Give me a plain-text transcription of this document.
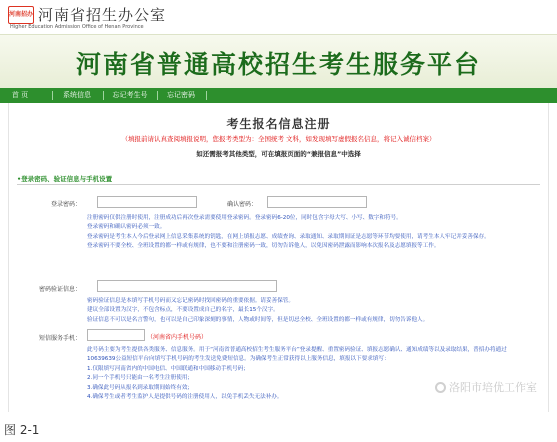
河南招办 河南省招生办公室
Higher Education Admission Office of Henan Province
河南省普通高校招生考生服务平台
首 页	系统信息	忘记考生号	忘记密码
考生报名信息注册
（填报前请认真查阅填报说明，您报考类型为：全国统考 文科，如发现填写虚假报名信息，将记入诚信档案）
如还需报考其他类型，可在填报页面的“兼报信息”中选择
•登录密码、验证信息与手机设置
登录密码：	确认密码：
注册密码仅供注册时使用，注册成功后再次登录需要使用登录密码。登录密码6-20位，同时包含字母大写、小写、数字和符号。
登录密码和确认密码必须一致。
登录密码是考生本人今后登录网上信息采集系统的钥匙，在网上填报志愿、成绩查询、录取通知、录取期间证是志愿等环节均要使用，请考生本人牢记并妥善保存。
登录密码不要全校、全班设置的都一样或有规律，也不要和注册密码一致，切勿告诉他人，以免因密码泄露而影响本次报名及志愿填报等工作。
密码验证信息：
密码验证信息是本填写手机号码而又忘记密码时找回密码的重要依据。请妥善保管。
建议全部设置为汉字，不包含标点，不要设置成自己的名字，最长15个汉字。
验证信息不可以是名言警句，也可以是自己印象深刻的事情，人物或时间等，但是切忌全校、全班设置的都一样或有规律，切勿告诉他人。
短信服务手机：	（河南省内手机号码）
此号码主要为考生提供各类服务、信息服务。用于“河南省普通高校招生考生服务平台”登录提醒、重置密码验证、填报志愿确认、通知成绩等以及录取结果，普招办将通过10639639公益短信平台向填写手机号码的考生发送免费短信息。为确保考生正常获得以上服务信息，填报以下要求填写：
1.仅限填写河南省内的中国电信、中国联通和中国移动手机号码；
2.同一个手机号只能由一名考生注册使用；
3.确保此号码从报名到录取期间始终有效；
4.确保考生或者考生监护人是提供号码的注册使用人，以免手机丢失无法补办。
洛阳市培优工作室
图 2-1
